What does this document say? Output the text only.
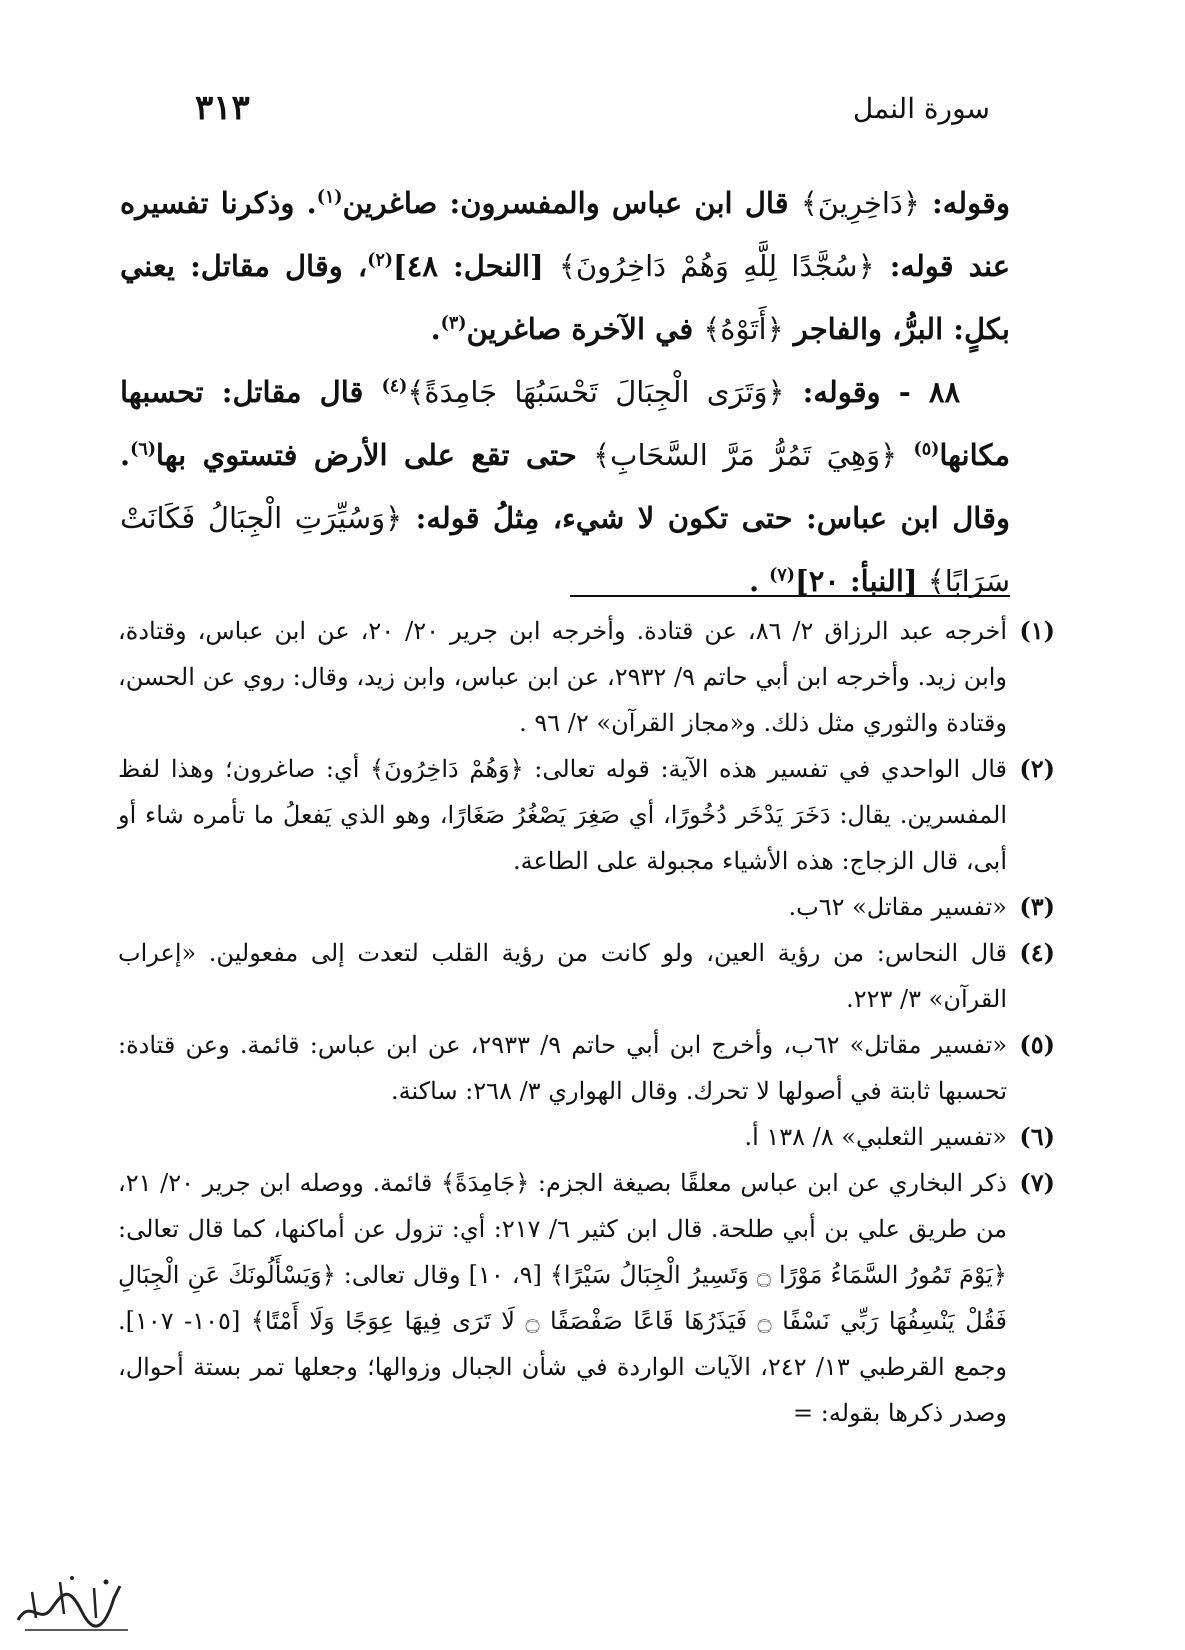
سورة النمل
٣١٣

وقوله: ﴿دَاخِرِينَ﴾ قال ابن عباس والمفسرون: صاغرين$^{(١)}$. وذكرنا تفسيره عند قوله: ﴿سُجَّدًا لِلَّهِ وَهُمْ دَاخِرُونَ﴾ [النحل: ٤٨]$^{(٢)}$، وقال مقاتل: يعني بكلٍ: البرُّ، والفاجر ﴿أَتَوْهُ﴾ في الآخرة صاغرين$^{(٣)}$.

٨٨ - وقوله: ﴿وَتَرَى الْجِبَالَ تَحْسَبُهَا جَامِدَةً﴾$^{(٤)}$ قال مقاتل: تحسبها مكانها$^{(٥)}$ ﴿وَهِيَ تَمُرُّ مَرَّ السَّحَابِ﴾ حتى تقع على الأرض فتستوي بها$^{(٦)}$. وقال ابن عباس: حتى تكون لا شيء، مِثلُ قوله: ﴿وَسُيِّرَتِ الْجِبَالُ فَكَانَتْ سَرَابًا﴾ [النبأ: ٢٠]$^{(٧)}$ .

(١)

أخرجه عبد الرزاق ٢/ ٨٦، عن قتادة. وأخرجه ابن جرير ٢٠/ ٢٠، عن ابن عباس، وقتادة، وابن زيد. وأخرجه ابن أبي حاتم ٩/ ٢٩٣٢، عن ابن عباس، وابن زيد، وقال: روي عن الحسن، وقتادة والثوري مثل ذلك. و«مجاز القرآن» ٢/ ٩٦ .

(٢)

قال الواحدي في تفسير هذه الآية: قوله تعالى: ﴿وَهُمْ دَاخِرُونَ﴾ أي: صاغرون؛ وهذا لفظ المفسرين. يقال: دَخَرَ يَدْخَر دُخُورًا، أي صَغِرَ يَصْغُرُ صَغَارًا، وهو الذي يَفعلُ ما تأمره شاء أو أبى، قال الزجاج: هذه الأشياء مجبولة على الطاعة.

(٣)

«تفسير مقاتل» ٦٢ب.

(٤)

قال النحاس: من رؤية العين، ولو كانت من رؤية القلب لتعدت إلى مفعولين. «إعراب القرآن» ٣/ ٢٢٣.

(٥)

«تفسير مقاتل» ٦٢ب، وأخرج ابن أبي حاتم ٩/ ٢٩٣٣، عن ابن عباس: قائمة. وعن قتادة: تحسبها ثابتة في أصولها لا تحرك. وقال الهواري ٣/ ٢٦٨: ساكنة.

(٦)

«تفسير الثعلبي» ٨/ ١٣٨ أ.

(٧)

ذكر البخاري عن ابن عباس معلقًا بصيغة الجزم: ﴿جَامِدَةً﴾ قائمة. ووصله ابن جرير ٢٠/ ٢١، من طريق علي بن أبي طلحة. قال ابن كثير ٦/ ٢١٧: أي: تزول عن أماكنها، كما قال تعالى: ﴿يَوْمَ تَمُورُ السَّمَاءُ مَوْرًا ۝ وَتَسِيرُ الْجِبَالُ سَيْرًا﴾ [٩، ١٠] وقال تعالى: ﴿وَيَسْأَلُونَكَ عَنِ الْجِبَالِ فَقُلْ يَنْسِفُهَا رَبِّي نَسْفًا ۝ فَيَذَرُهَا قَاعًا صَفْصَفًا ۝ لَا تَرَى فِيهَا عِوَجًا وَلَا أَمْتًا﴾ [١٠٥- ١٠٧]. وجمع القرطبي ١٣/ ٢٤٢، الآيات الواردة في شأن الجبال وزوالها؛ وجعلها تمر بستة أحوال، وصدر ذكرها بقوله: =
